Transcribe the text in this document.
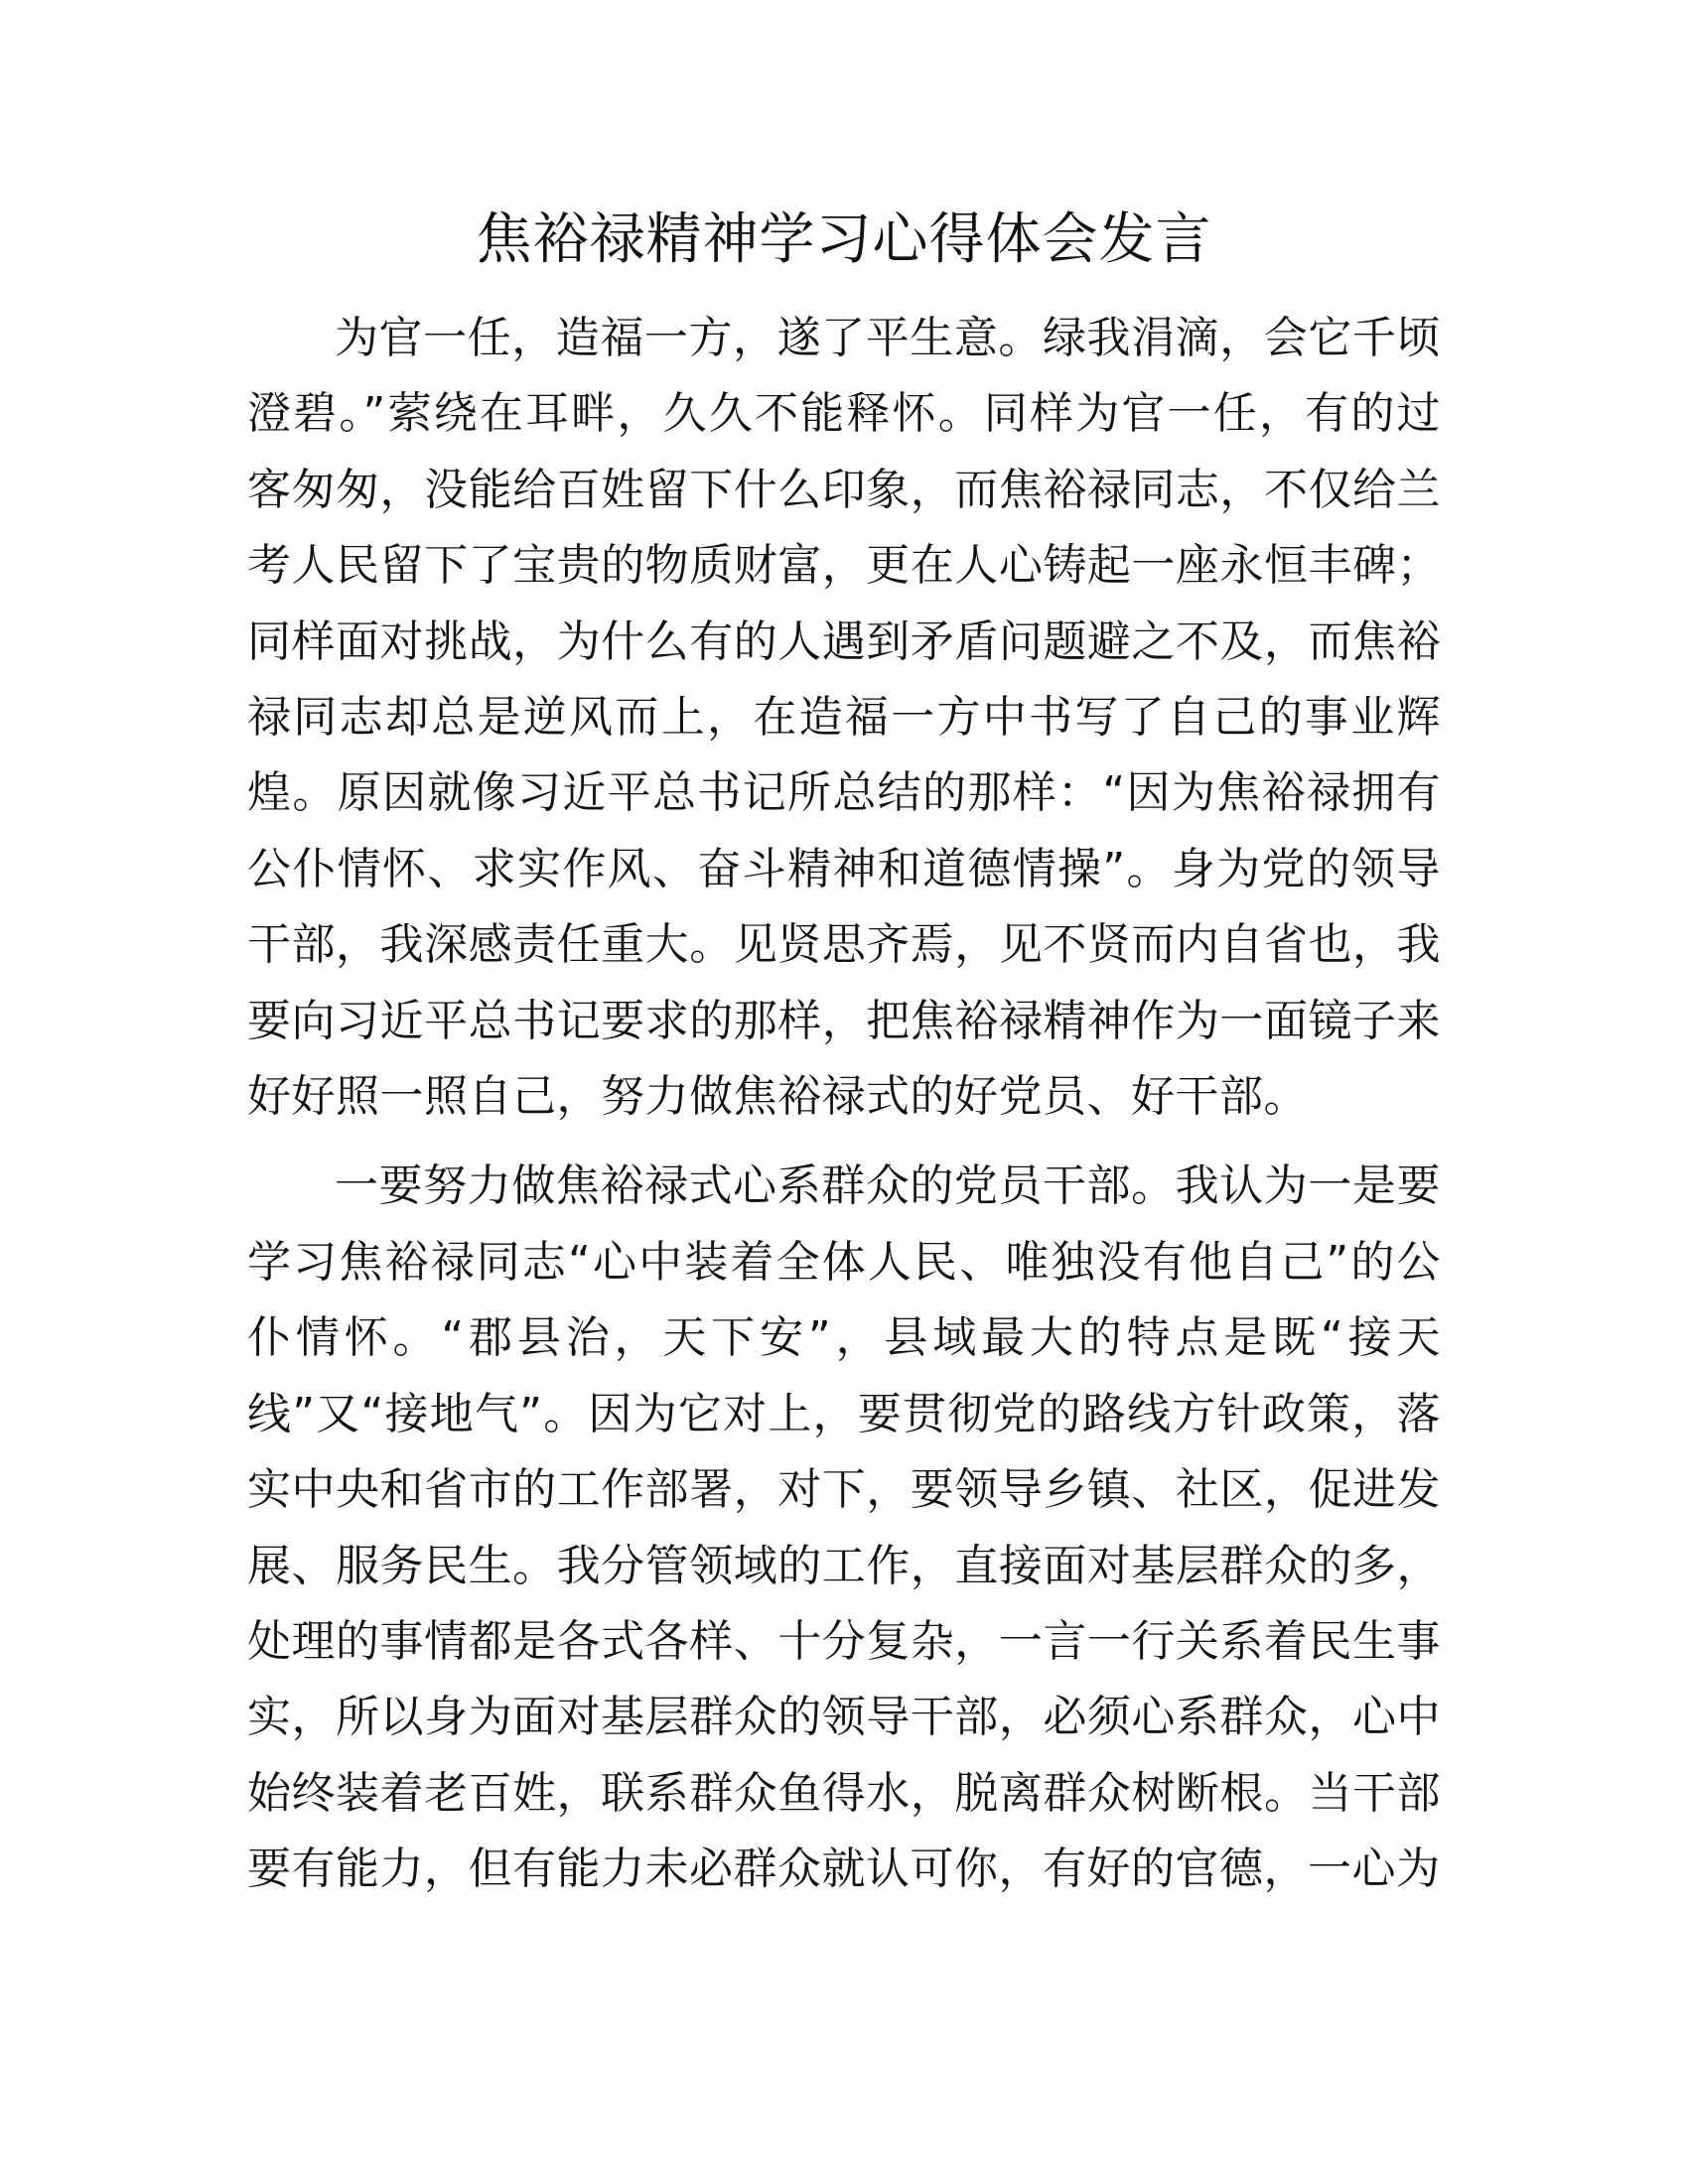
焦裕禄精神学习心得体会发言

为官一任，造福一方，遂了平生意。绿我涓滴，会它千顷澄碧。”萦绕在耳畔，久久不能释怀。同样为官一任，有的过客匆匆，没能给百姓留下什么印象，而焦裕禄同志，不仅给兰考人民留下了宝贵的物质财富，更在人心铸起一座永恒丰碑；同样面对挑战，为什么有的人遇到矛盾问题避之不及，而焦裕禄同志却总是逆风而上，在造福一方中书写了自己的事业辉煌。原因就像习近平总书记所总结的那样：“因为焦裕禄拥有公仆情怀、求实作风、奋斗精神和道德情操”。身为党的领导干部，我深感责任重大。见贤思齐焉，见不贤而内自省也，我要向习近平总书记要求的那样，把焦裕禄精神作为一面镜子来好好照一照自己，努力做焦裕禄式的好党员、好干部。

一要努力做焦裕禄式心系群众的党员干部。我认为一是要学习焦裕禄同志“心中装着全体人民、唯独没有他自己”的公仆情怀。“郡县治，天下安”，县域最大的特点是既“接天线”又“接地气”。因为它对上，要贯彻党的路线方针政策，落实中央和省市的工作部署，对下，要领导乡镇、社区，促进发展、服务民生。我分管领域的工作，直接面对基层群众的多，处理的事情都是各式各样、十分复杂，一言一行关系着民生事实，所以身为面对基层群众的领导干部，必须心系群众，心中始终装着老百姓，联系群众鱼得水，脱离群众树断根。当干部要有能力，但有能力未必群众就认可你，有好的官德，一心为
